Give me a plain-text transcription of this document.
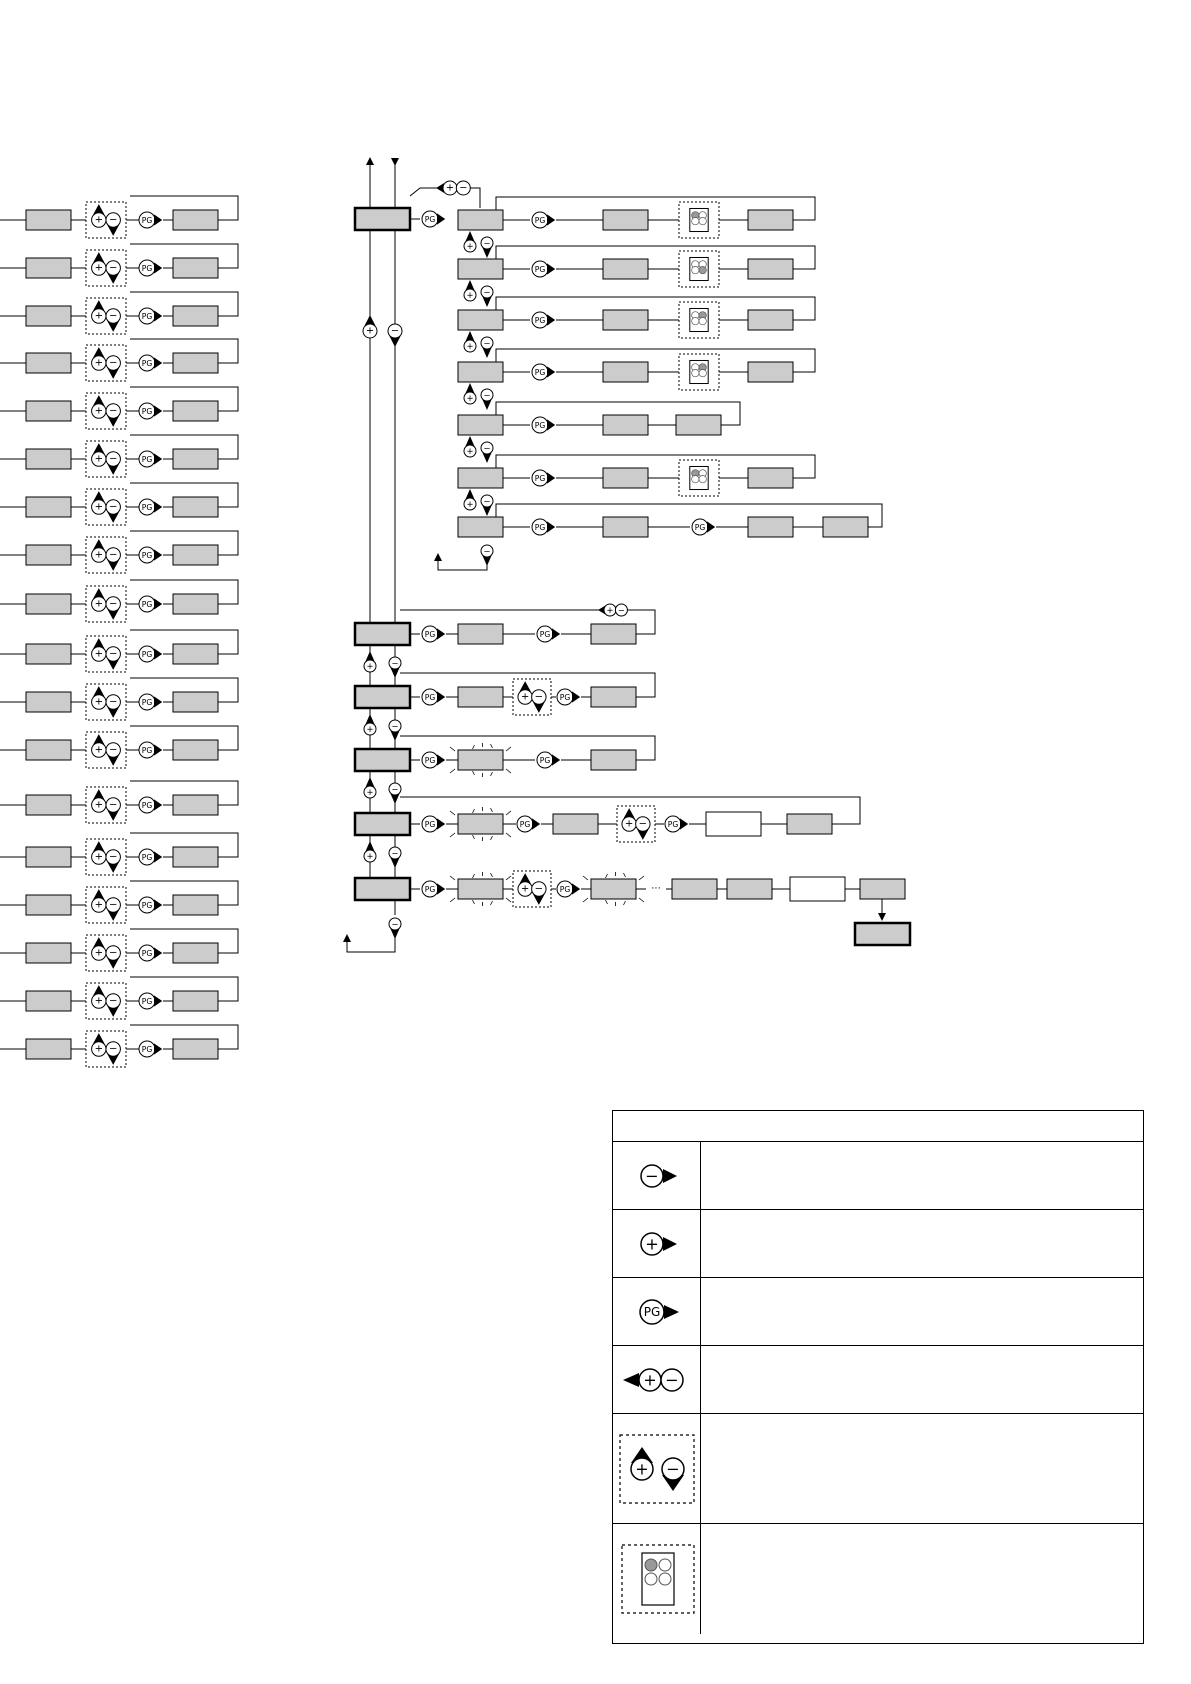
+ −	PG
+ −	PG
+ −	PG
+ −	PG
+ −	PG
+ −	PG
+ −	PG
+ −	PG
+ −	PG
+ −	PG
+ −	PG
+ −	PG
+ −	PG
+ −	PG
+ −	PG
+ −	PG
+ −	PG
+ −	PG
+ −
+ −
PG	PG
+ −
PG
+ −
PG
+ −
PG
+ −
PG
+ −
PG
+ −
PG	PG
−
PG	PG
+ −
+ −
PG	+ − PG
+ −
PG	PG
+ −
PG	PG	+ −	PG
+ −
PG	+ − PG	···
−
−
+
PG
+ −
+ −
